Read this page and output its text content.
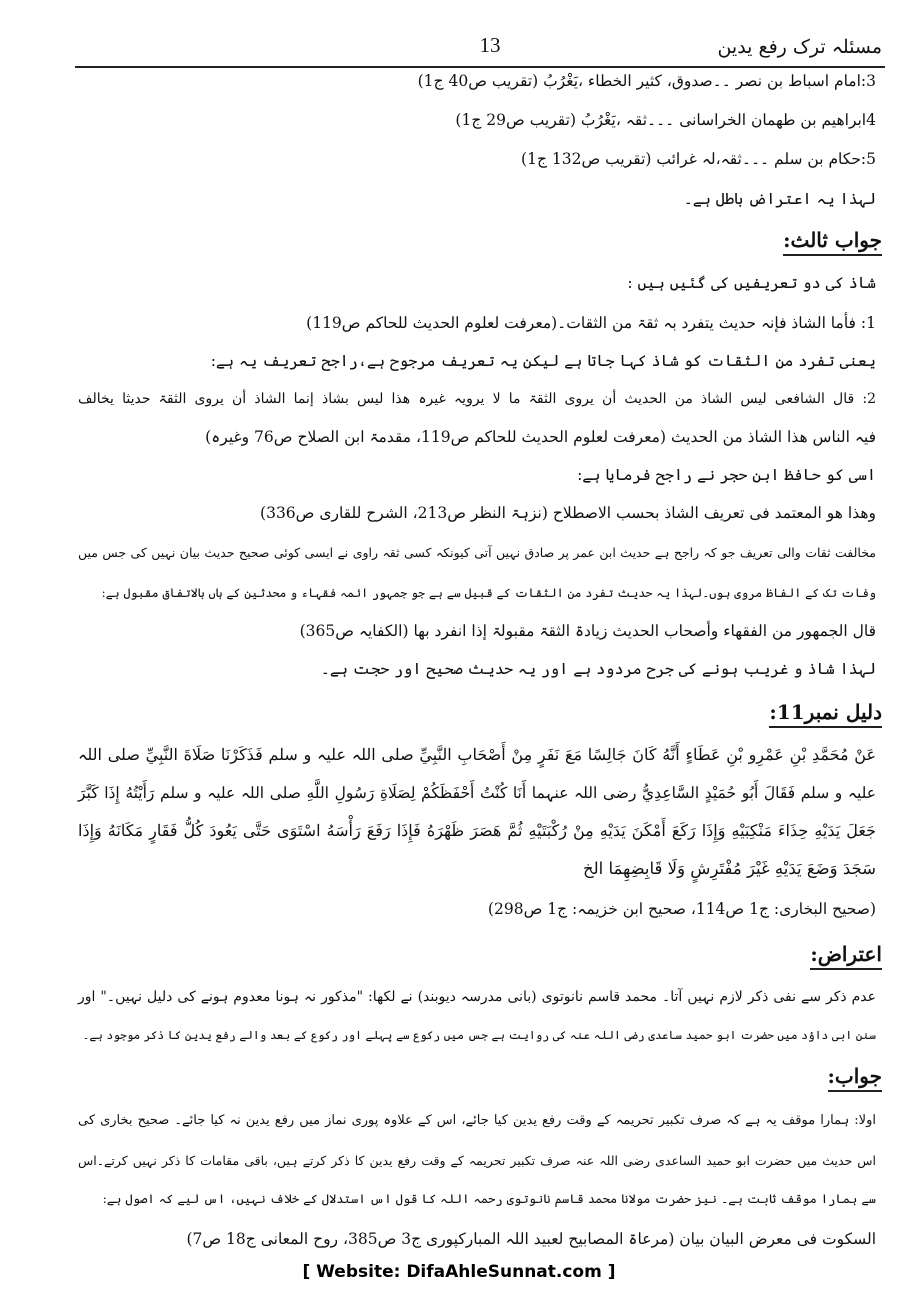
مسئلہ ترک رفع یدین
13
3:امام اسباط بن نصر ۔۔صدوق، کثیر الخطاء ،یَغْرُبُ (تقریب ص40 ج1)
4ابراھیم بن طھمان الخراسانی ۔۔۔ثقہ ،یَغْرُبُ (تقریب ص29 ج1)
5:حکام بن سلم ۔۔۔ثقہ،لہ غرائب (تقریب ص132 ج1)
لہذا یہ اعتراض باطل ہے۔
جواب ثالث:
شاذ کی دو تعریفیں کی گئیں ہیں :
1: فأما الشاذ فإنہ حدیث یتفرد بہ ثقۃ من الثقات۔(معرفت لعلوم الحدیث للحاکم ص119)
یعنی تفرد من الثقات کو شاذ کہا جاتا ہے لیکن یہ تعریف مرجوح ہے،راجح تعریف یہ ہے:
2: قال الشافعی لیس الشاذ من الحدیث أن یروی الثقۃ ما لا یرویہ غیرہ ھذا لیس بشاذ إنما الشاذ أن یروی الثقۃ حدیثا یخالف
فیہ الناس ھذا الشاذ من الحدیث (معرفت لعلوم الحدیث للحاکم ص119، مقدمۃ ابن الصلاح ص76 وغیرہ)
اسی کو حافظ ابن حجر نے راجح فرمایا ہے:
وھذا ھو المعتمد فی تعریف الشاذ بحسب الاصطلاح (نزہۃ النظر ص213، الشرح للقاری ص336)
مخالفت ثقات والی تعریف جو کہ راجح ہے حدیث ابن عمر پر صادق نہیں آتی کیونکہ کسی ثقہ راوی نے ایسی کوئی صحیح حدیث بیان نہیں کی جس میں
وفات تک کے الفاظ مروی ہوں۔لہذا یہ حدیث تفرد من الثقات کے قبیل سے ہے جو جمہور ائمہ فقہاء و محدثین کے ہاں بالاتفاق مقبول ہے:
قال الجمھور من الفقھاء وأصحاب الحدیث زیادۃ الثقۃ مقبولۃ إذا انفرد بھا (الکفایہ ص365)
لہذا شاذ و غریب ہونے کی جرح مردود ہے اور یہ حدیث صحیح اور حجت ہے۔
دلیل نمبر11:
عَنْ مُحَمَّدِ بْنِ عَمْرِو بْنِ عَطَاءٍ أَنَّهُ كَانَ جَالِسًا مَعَ نَفَرٍ مِنْ أَصْحَابِ النَّبِيِّ صلی اللہ علیہ و سلم فَذَكَرْنَا صَلَاةَ النَّبِيِّ صلی اللہ
علیہ و سلم فَقَالَ أَبُو حُمَيْدٍ السَّاعِدِيُّ رضی اللہ عنہما أَنَا كُنْتُ أَحْفَظَكُمْ لِصَلَاةِ رَسُولِ اللَّهِ صلی اللہ علیہ و سلم رَأَيْتُهُ إِذَا كَبَّرَ
جَعَلَ يَدَيْهِ حِذَاءَ مَنْكِبَيْهِ وَإِذَا رَكَعَ أَمْكَنَ يَدَيْهِ مِنْ رُكْبَتَيْهِ ثُمَّ هَصَرَ ظَهْرَهُ فَإِذَا رَفَعَ رَأْسَهُ اسْتَوَى حَتَّى يَعُودَ كُلُّ فَقَارٍ مَكَانَهُ وَإِذَا
سَجَدَ وَضَعَ يَدَيْهِ غَيْرَ مُفْتَرِشٍ وَلَا قَابِضِهِمَا الخ
(صحیح البخاری: ج1 ص114، صحیح ابن خزیمہ: ج1 ص298)
اعتراض:
عدم ذکر سے نفی ذکر لازم نہیں آتا۔ محمد قاسم نانوتوی (بانی مدرسہ دیوبند) نے لکھا: "مذکور نہ ہونا معدوم ہونے کی دلیل نہیں۔" اور
سنن ابی داؤد میں حضرت ابو حمید ساعدی رضی اللہ عنہ کی روایت ہے جس میں رکوع سے پہلے اور رکوع کے بعد والے رفع یدین کا ذکر موجود ہے۔
جواب:
اولا: ہمارا موقف یہ ہے کہ صرف تکبیر تحریمہ کے وقت رفع یدین کیا جائے، اس کے علاوہ پوری نماز میں رفع یدین نہ کیا جائے۔ صحیح بخاری کی
اس حدیث میں حضرت ابو حمید الساعدی رضی اللہ عنہ صرف تکبیر تحریمہ کے وقت رفع یدین کا ذکر کرتے ہیں، باقی مقامات کا ذکر نہیں کرتے۔اس
سے ہمارا موقف ثابت ہے۔ نیز حضرت مولانا محمد قاسم نانوتوی رحمہ اللہ کا قول اس استدلال کے خلاف نہیں، اس لیے کہ اصول ہے:
السکوت فی معرض البیان بیان (مرعاۃ المصابیح لعبید اللہ المبارکپوری ج3 ص385، روح المعانی ج18 ص7)
[ Website: DifaAhleSunnat.com ]
